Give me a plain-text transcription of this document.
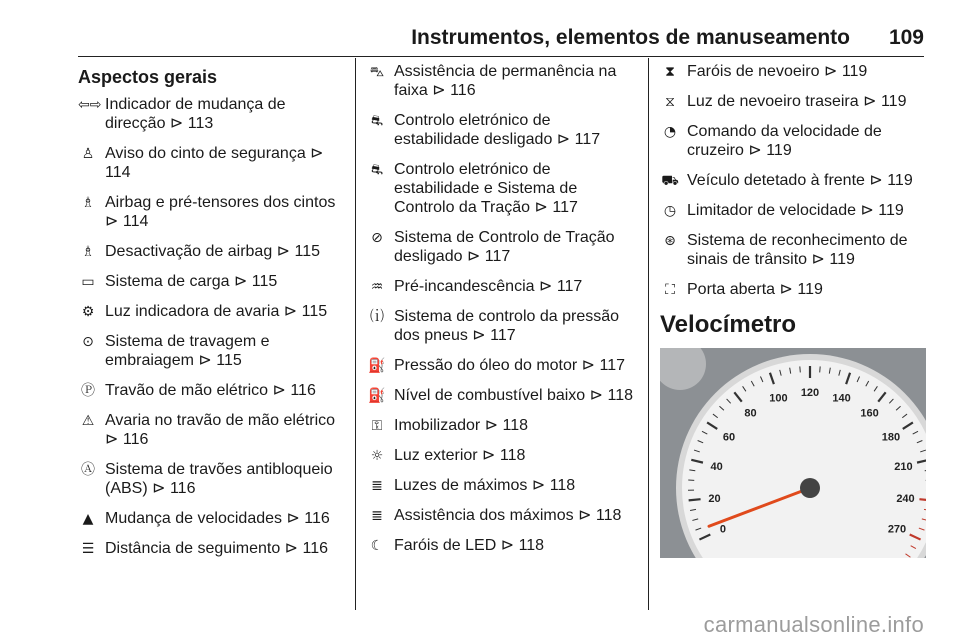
Instrumentos, elementos de manuseamento 109
Aspectos gerais
⇦⇨ Indicador de mudança de direcção ⊳ 113
♙ Aviso do cinto de segurança ⊳ 114
♗ Airbag e pré-tensores dos cintos ⊳ 114
♗ Desactivação de airbag ⊳ 115
▭ Sistema de carga ⊳ 115
⚙ Luz indicadora de avaria ⊳ 115
⊙ Sistema de travagem e embraiagem ⊳ 115
Ⓟ Travão de mão elétrico ⊳ 116
⚠ Avaria no travão de mão elétrico ⊳ 116
Ⓐ Sistema de travões antibloqueio (ABS) ⊳ 116
▲ Mudança de velocidades ⊳ 116
☰ Distância de seguimento ⊳ 116
⛍ Assistência de permanência na faixa ⊳ 116
⛐ Controlo eletrónico de estabilidade desligado ⊳ 117
⛐ Controlo eletrónico de estabilidade e Sistema de Controlo da Tração ⊳ 117
⊘ Sistema de Controlo de Tração desligado ⊳ 117
♒ Pré-incandescência ⊳ 117
⒤ Sistema de controlo da pressão dos pneus ⊳ 117
⛽ Pressão do óleo do motor ⊳ 117
⛽ Nível de combustível baixo ⊳ 118
⚿ Imobilizador ⊳ 118
☼ Luz exterior ⊳ 118
≣ Luzes de máximos ⊳ 118
≣ Assistência dos máximos ⊳ 118
☾ Faróis de LED ⊳ 118
⧗ Faróis de nevoeiro ⊳ 119
⧖ Luz de nevoeiro traseira ⊳ 119
◔ Comando da velocidade de cruzeiro ⊳ 119
⛟ Veículo detetado à frente ⊳ 119
◷ Limitador de velocidade ⊳ 119
⊛ Sistema de reconhecimento de sinais de trânsito ⊳ 119
⛶ Porta aberta ⊳ 119
Velocímetro
0
20
40
60
80
100 120 140
160
180
210
240
270
carmanualsonline.info
